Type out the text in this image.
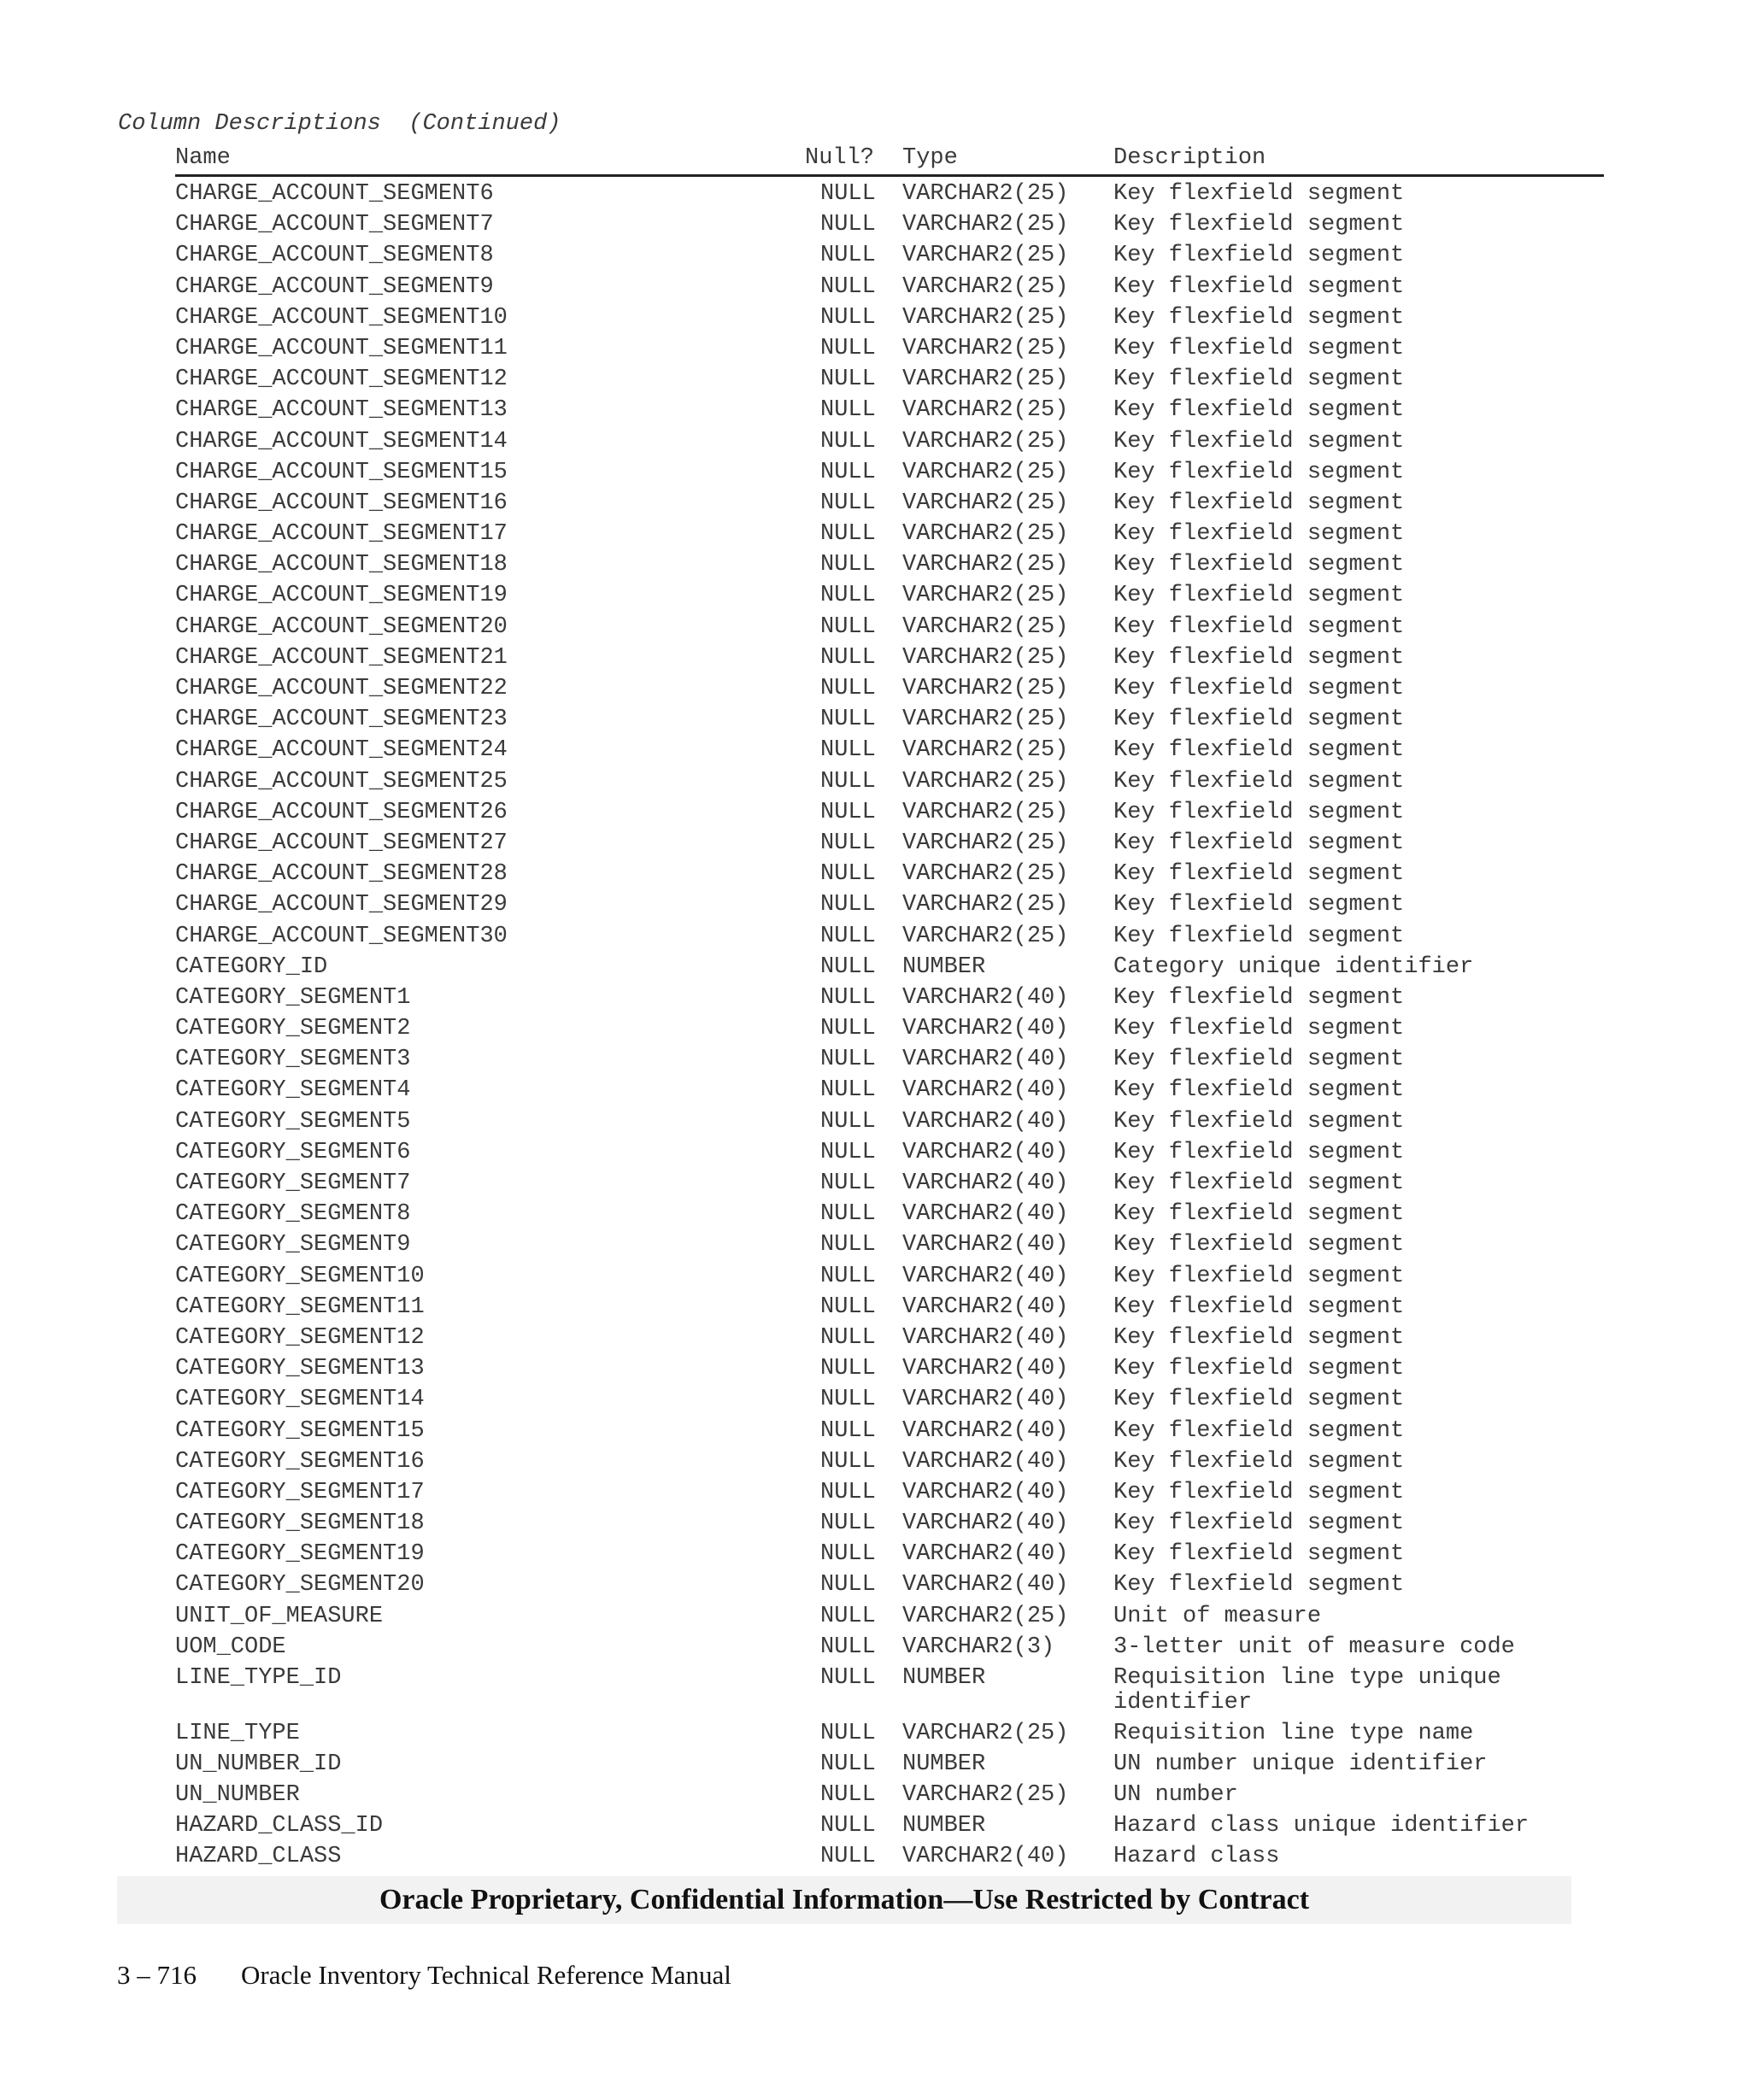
Column Descriptions  (Continued)
Name	Null? Type	Description
CHARGE_ACCOUNT_SEGMENT6	NULL VARCHAR2(25) Key flexfield segment
CHARGE_ACCOUNT_SEGMENT7	NULL VARCHAR2(25) Key flexfield segment
CHARGE_ACCOUNT_SEGMENT8	NULL VARCHAR2(25) Key flexfield segment
CHARGE_ACCOUNT_SEGMENT9	NULL VARCHAR2(25) Key flexfield segment
CHARGE_ACCOUNT_SEGMENT10	NULL VARCHAR2(25) Key flexfield segment
CHARGE_ACCOUNT_SEGMENT11	NULL VARCHAR2(25) Key flexfield segment
CHARGE_ACCOUNT_SEGMENT12	NULL VARCHAR2(25) Key flexfield segment
CHARGE_ACCOUNT_SEGMENT13	NULL VARCHAR2(25) Key flexfield segment
CHARGE_ACCOUNT_SEGMENT14	NULL VARCHAR2(25) Key flexfield segment
CHARGE_ACCOUNT_SEGMENT15	NULL VARCHAR2(25) Key flexfield segment
CHARGE_ACCOUNT_SEGMENT16	NULL VARCHAR2(25) Key flexfield segment
CHARGE_ACCOUNT_SEGMENT17	NULL VARCHAR2(25) Key flexfield segment
CHARGE_ACCOUNT_SEGMENT18	NULL VARCHAR2(25) Key flexfield segment
CHARGE_ACCOUNT_SEGMENT19	NULL VARCHAR2(25) Key flexfield segment
CHARGE_ACCOUNT_SEGMENT20	NULL VARCHAR2(25) Key flexfield segment
CHARGE_ACCOUNT_SEGMENT21	NULL VARCHAR2(25) Key flexfield segment
CHARGE_ACCOUNT_SEGMENT22	NULL VARCHAR2(25) Key flexfield segment
CHARGE_ACCOUNT_SEGMENT23	NULL VARCHAR2(25) Key flexfield segment
CHARGE_ACCOUNT_SEGMENT24	NULL VARCHAR2(25) Key flexfield segment
CHARGE_ACCOUNT_SEGMENT25	NULL VARCHAR2(25) Key flexfield segment
CHARGE_ACCOUNT_SEGMENT26	NULL VARCHAR2(25) Key flexfield segment
CHARGE_ACCOUNT_SEGMENT27	NULL VARCHAR2(25) Key flexfield segment
CHARGE_ACCOUNT_SEGMENT28	NULL VARCHAR2(25) Key flexfield segment
CHARGE_ACCOUNT_SEGMENT29	NULL VARCHAR2(25) Key flexfield segment
CHARGE_ACCOUNT_SEGMENT30	NULL VARCHAR2(25) Key flexfield segment
CATEGORY_ID	NULL NUMBER	Category unique identifier
CATEGORY_SEGMENT1	NULL VARCHAR2(40) Key flexfield segment
CATEGORY_SEGMENT2	NULL VARCHAR2(40) Key flexfield segment
CATEGORY_SEGMENT3	NULL VARCHAR2(40) Key flexfield segment
CATEGORY_SEGMENT4	NULL VARCHAR2(40) Key flexfield segment
CATEGORY_SEGMENT5	NULL VARCHAR2(40) Key flexfield segment
CATEGORY_SEGMENT6	NULL VARCHAR2(40) Key flexfield segment
CATEGORY_SEGMENT7	NULL VARCHAR2(40) Key flexfield segment
CATEGORY_SEGMENT8	NULL VARCHAR2(40) Key flexfield segment
CATEGORY_SEGMENT9	NULL VARCHAR2(40) Key flexfield segment
CATEGORY_SEGMENT10	NULL VARCHAR2(40) Key flexfield segment
CATEGORY_SEGMENT11	NULL VARCHAR2(40) Key flexfield segment
CATEGORY_SEGMENT12	NULL VARCHAR2(40) Key flexfield segment
CATEGORY_SEGMENT13	NULL VARCHAR2(40) Key flexfield segment
CATEGORY_SEGMENT14	NULL VARCHAR2(40) Key flexfield segment
CATEGORY_SEGMENT15	NULL VARCHAR2(40) Key flexfield segment
CATEGORY_SEGMENT16	NULL VARCHAR2(40) Key flexfield segment
CATEGORY_SEGMENT17	NULL VARCHAR2(40) Key flexfield segment
CATEGORY_SEGMENT18	NULL VARCHAR2(40) Key flexfield segment
CATEGORY_SEGMENT19	NULL VARCHAR2(40) Key flexfield segment
CATEGORY_SEGMENT20	NULL VARCHAR2(40) Key flexfield segment
UNIT_OF_MEASURE	NULL VARCHAR2(25) Unit of measure
UOM_CODE	NULL VARCHAR2(3)	3-letter unit of measure code
LINE_TYPE_ID	NULL NUMBER	Requisition line type unique identifier
LINE_TYPE	NULL VARCHAR2(25) Requisition line type name
UN_NUMBER_ID	NULL NUMBER	UN number unique identifier
UN_NUMBER	NULL VARCHAR2(25) UN number
HAZARD_CLASS_ID	NULL NUMBER	Hazard class unique identifier
HAZARD_CLASS	NULL VARCHAR2(40) Hazard class
Oracle Proprietary, Confidential Information––Use Restricted by Contract
3 – 716 Oracle Inventory Technical Reference Manual
